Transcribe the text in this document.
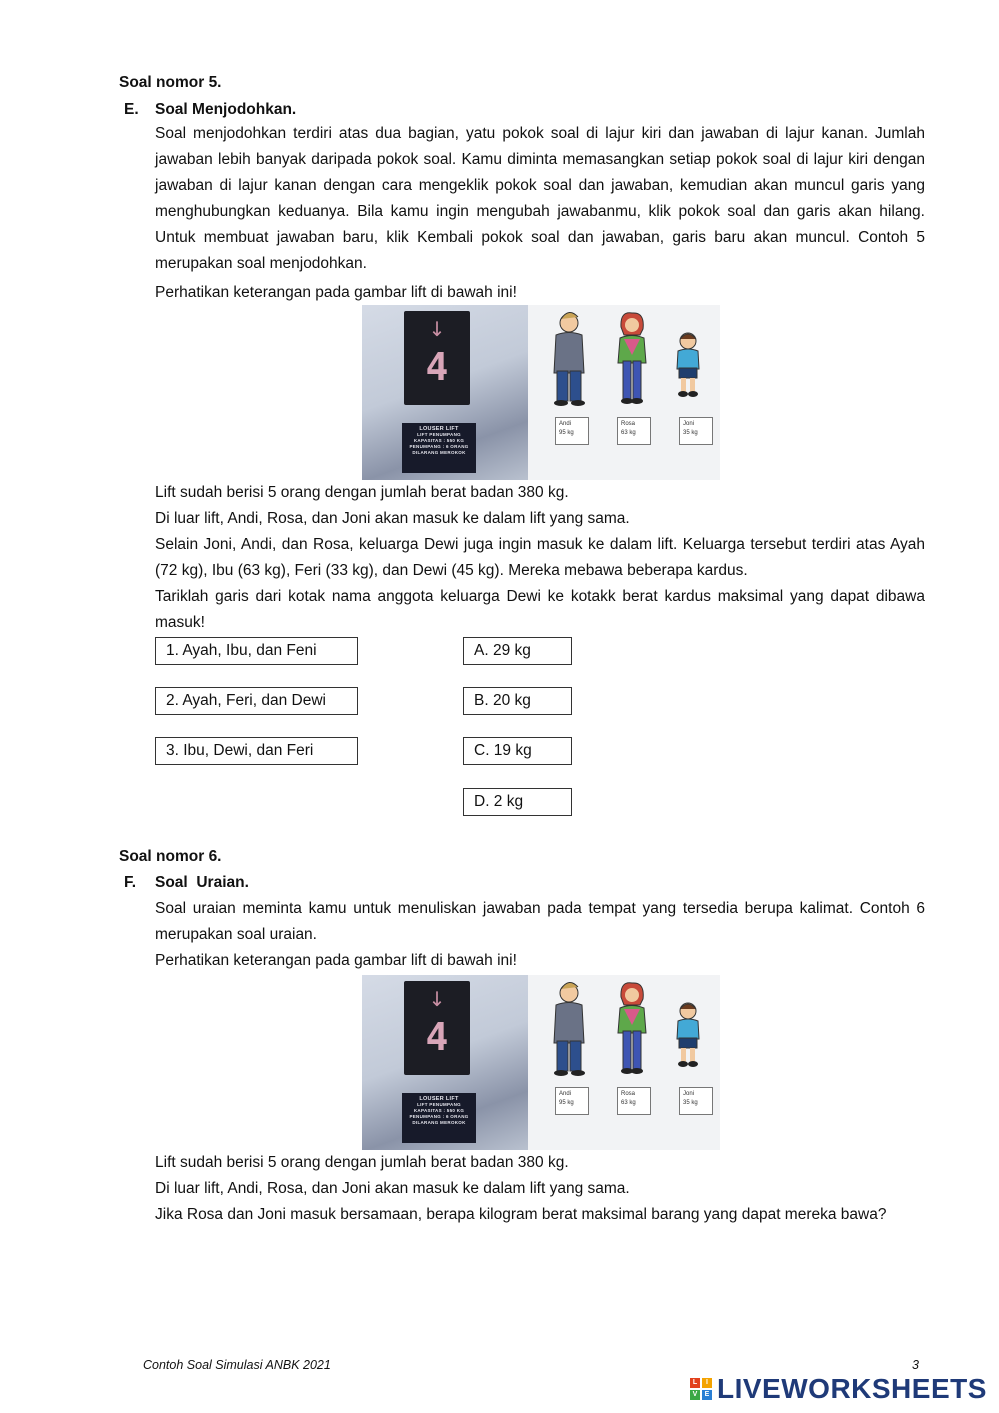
Soal nomor 5.
E. Soal Menjodohkan.
Soal menjodohkan terdiri atas dua bagian, yatu pokok soal di lajur kiri dan jawaban di lajur kanan. Jumlah jawaban lebih banyak daripada pokok soal. Kamu diminta memasangkan setiap pokok soal di lajur kiri dengan jawaban di lajur kanan dengan cara mengeklik pokok soal dan jawaban, kemudian akan muncul garis yang menghubungkan keduanya. Bila kamu ingin mengubah jawabanmu, klik pokok soal dan garis akan hilang. Untuk membuat jawaban baru, klik Kembali pokok soal dan jawaban, garis baru akan muncul. Contoh 5 merupakan soal menjodohkan.
Perhatikan keterangan pada gambar lift di bawah ini!
↓
4
LOUSER LIFT
LIFT PENUMPANG
KAPASITAS : 550 KG
PENUMPANG : 6 ORANG
DILARANG MEROKOK
Andi
95 kg
Rosa
63 kg
Joni
35 kg
Lift sudah berisi 5 orang dengan jumlah berat badan 380 kg.
Di luar lift, Andi, Rosa, dan Joni akan masuk ke dalam lift yang sama.
Selain Joni, Andi, dan Rosa, keluarga Dewi juga ingin masuk ke dalam lift. Keluarga tersebut terdiri atas Ayah (72 kg), Ibu (63 kg), Feri (33 kg), dan Dewi (45 kg). Mereka mebawa beberapa kardus.
Tariklah garis dari kotak nama anggota keluarga Dewi ke kotakk berat kardus maksimal yang dapat dibawa masuk!
1. Ayah, Ibu, dan Feni
2. Ayah, Feri, dan Dewi
3. Ibu, Dewi, dan Feri
A. 29 kg
B. 20 kg
C. 19 kg
D. 2 kg
Soal nomor 6.
F. Soal  Uraian.
Soal uraian meminta kamu untuk menuliskan jawaban pada tempat yang tersedia berupa kalimat. Contoh 6 merupakan soal uraian.
Perhatikan keterangan pada gambar lift di bawah ini!
↓
4
LOUSER LIFT
LIFT PENUMPANG
KAPASITAS : 550 KG
PENUMPANG : 6 ORANG
DILARANG MEROKOK
Andi
95 kg
Rosa
63 kg
Joni
35 kg
Lift sudah berisi 5 orang dengan jumlah berat badan 380 kg.
Di luar lift, Andi, Rosa, dan Joni akan masuk ke dalam lift yang sama.
Jika Rosa dan Joni masuk bersamaan, berapa kilogram berat maksimal barang yang dapat mereka bawa?
Contoh Soal Simulasi ANBK 2021	3
L	I
V	E LIVEWORKSHEETS
